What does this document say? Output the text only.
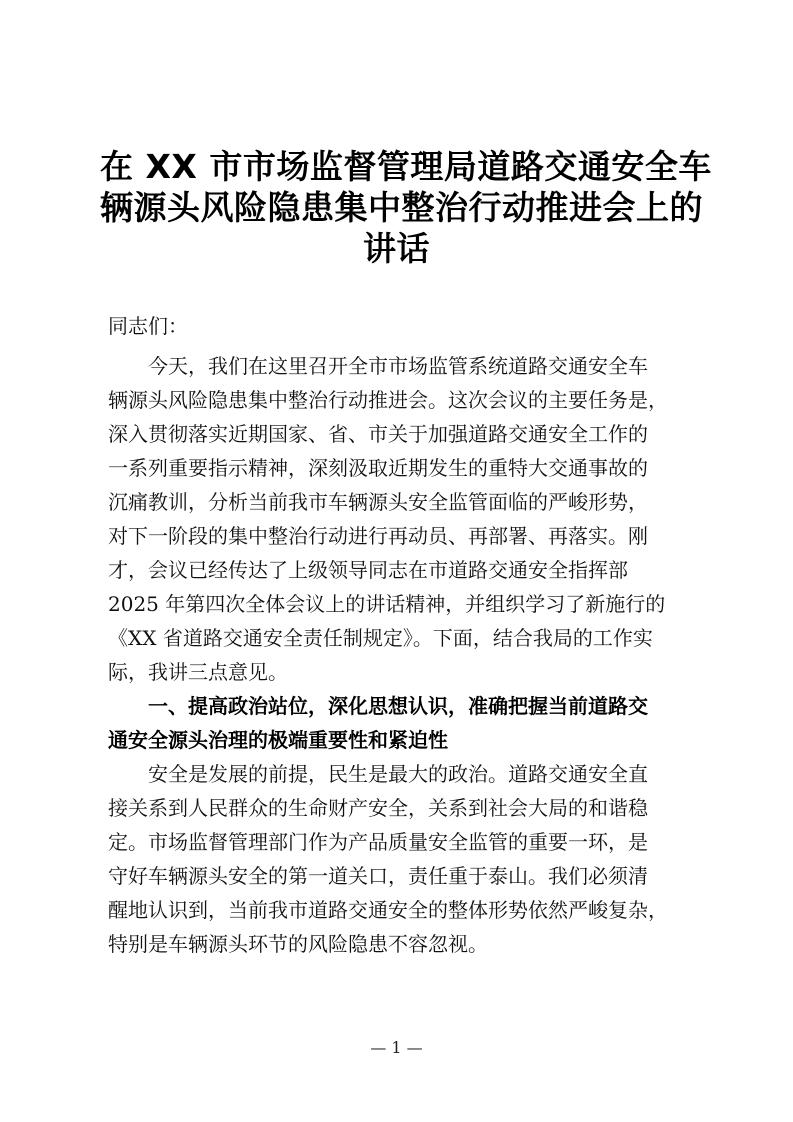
在 XX 市市场监督管理局道路交通安全车
辆源头风险隐患集中整治行动推进会上的
讲话

同志们：

今天，我们在这里召开全市市场监管系统道路交通安全车
辆源头风险隐患集中整治行动推进会。这次会议的主要任务是，
深入贯彻落实近期国家、省、市关于加强道路交通安全工作的
一系列重要指示精神，深刻汲取近期发生的重特大交通事故的
沉痛教训，分析当前我市车辆源头安全监管面临的严峻形势，
对下一阶段的集中整治行动进行再动员、再部署、再落实。刚
才，会议已经传达了上级领导同志在市道路交通安全指挥部
2025 年第四次全体会议上的讲话精神，并组织学习了新施行的
《XX 省道路交通安全责任制规定》。下面，结合我局的工作实
际，我讲三点意见。

一、提高政治站位，深化思想认识，准确把握当前道路交
通安全源头治理的极端重要性和紧迫性

安全是发展的前提，民生是最大的政治。道路交通安全直
接关系到人民群众的生命财产安全，关系到社会大局的和谐稳
定。市场监督管理部门作为产品质量安全监管的重要一环，是
守好车辆源头安全的第一道关口，责任重于泰山。我们必须清
醒地认识到，当前我市道路交通安全的整体形势依然严峻复杂，
特别是车辆源头环节的风险隐患不容忽视。

— 1 —
